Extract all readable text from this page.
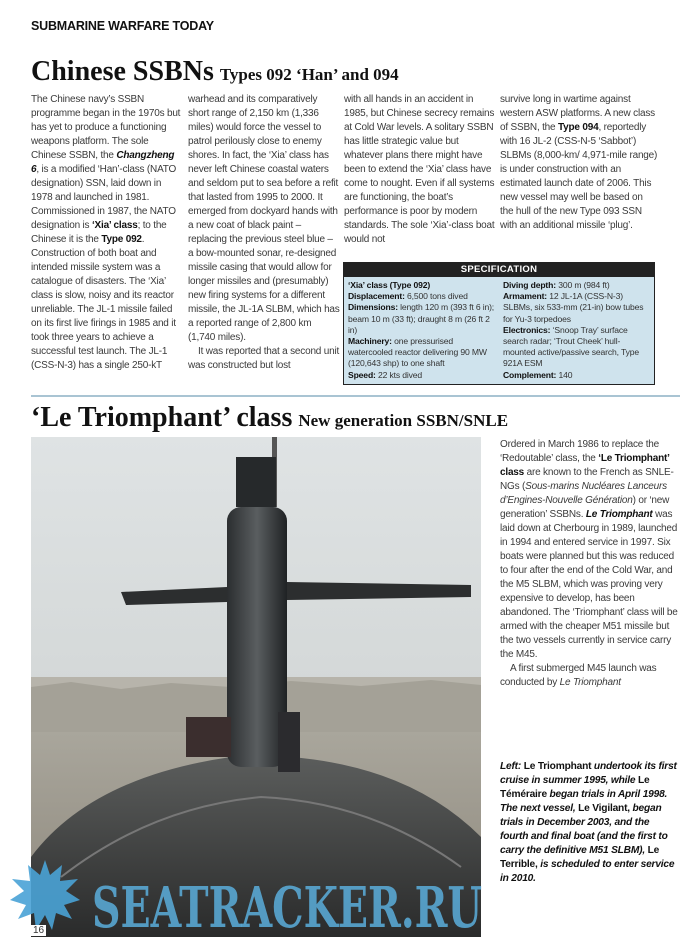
SUBMARINE WARFARE TODAY
Chinese SSBNs Types 092 ‘Han’ and 094

The Chinese navy’s SSBN programme began in the 1970s but has yet to produce a functioning weapons platform. The sole Chinese SSBN, the Changzheng 6, is a modified ‘Han’-class (NATO designation) SSN, laid down in 1978 and launched in 1981. Commissioned in 1987, the NATO designation is ‘Xia’ class; to the Chinese it is the Type 092. Construction of both boat and intended missile system was a catalogue of disasters. The ‘Xia’ class is slow, noisy and its reactor unreliable. The JL-1 missile failed on its first live firings in 1985 and it took three years to achieve a successful test launch. The JL-1 (CSS-N-3) has a single 250-kT

warhead and its comparatively short range of 2,150 km (1,336 miles) would force the vessel to patrol perilously close to enemy shores. In fact, the ‘Xia’ class has never left Chinese coastal waters and seldom put to sea before a refit that lasted from 1995 to 2000. It emerged from dockyard hands with a new coat of black paint – replacing the previous steel blue – a bow-mounted sonar, re-designed missile casing that would allow for longer missiles and (presumably) new firing systems for a different missile, the JL-1A SLBM, which has a reported range of 2,800 km (1,740 miles).

It was reported that a second unit was constructed but lost

with all hands in an accident in 1985, but Chinese secrecy remains at Cold War levels. A solitary SSBN has little strategic value but whatever plans there might have been to extend the ‘Xia’ class have come to nought. Even if all systems are functioning, the boat’s performance is poor by modern standards. The sole ‘Xia’-class boat would not

survive long in wartime against western ASW platforms. A new class of SSBN, the Type 094, reportedly with 16 JL-2 (CSS-N-5 ‘Sabbot’) SLBMs (8,000-km/ 4,971-mile range) is under construction with an estimated launch date of 2006. This new vessel may well be based on the hull of the new Type 093 SSN with an additional missile ‘plug’.

SPECIFICATION
‘Xia’ class (Type 092)
Displacement: 6,500 tons dived
Dimensions: length 120 m (393 ft 6 in); beam 10 m (33 ft); draught 8 m (26 ft 2 in)
Machinery: one pressurised watercooled reactor delivering 90 MW (120,643 shp) to one shaft
Speed: 22 kts dived
Diving depth: 300 m (984 ft)
Armament: 12 JL-1A (CSS-N-3) SLBMs, six 533-mm (21-in) bow tubes for Yu-3 torpedoes
Electronics: ‘Snoop Tray’ surface search radar; ‘Trout Cheek’ hull-mounted active/passive search, Type 921A ESM
Complement: 140
‘Le Triomphant’ class New generation SSBN/SNLE

Ordered in March 1986 to replace the ‘Redoutable’ class, the ‘Le Triomphant’ class are known to the French as SNLE-NGs (Sous-marins Nucléares Lanceurs d’Engines-Nouvelle Génération) or ‘new generation’ SSBNs. Le Triomphant was laid down at Cherbourg in 1989, launched in 1994 and entered service in 1997. Six boats were planned but this was reduced to four after the end of the Cold War, and the M5 SLBM, which was proving very expensive to develop, has been abandoned. The ‘Triomphant’ class will be armed with the cheaper M51 missile but the two vessels currently in service carry the M45.

A first submerged M45 launch was conducted by Le Triomphant

Left: Le Triomphant undertook its first cruise in summer 1995, while Le Téméraire began trials in April 1998. The next vessel, Le Vigilant, began trials in December 2003, and the fourth and final boat (and the first to carry the definitive M51 SLBM), Le Terrible, is scheduled to enter service in 2010.
SEATRACKER.RU
16
